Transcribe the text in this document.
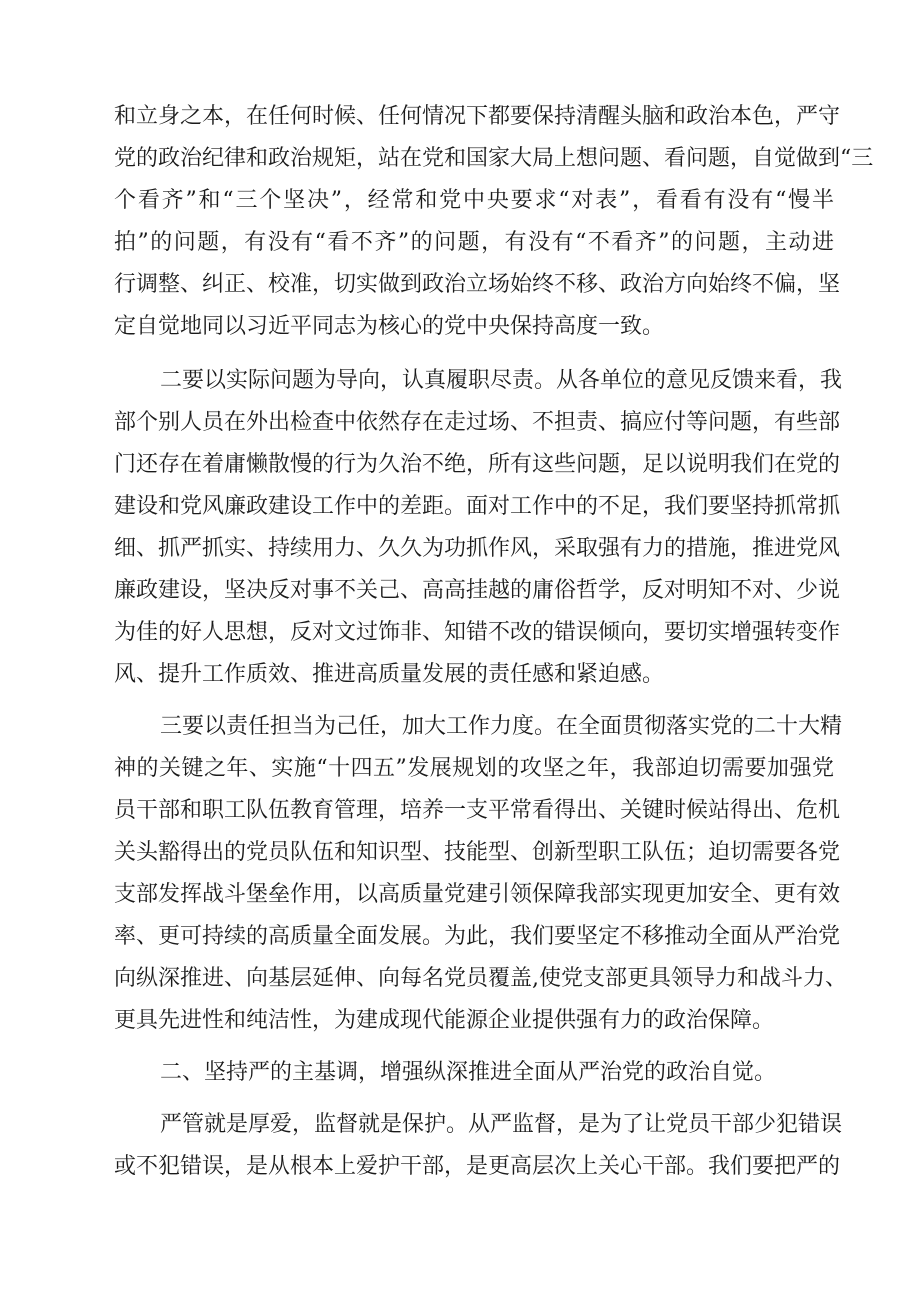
和立身之本，在任何时候、任何情况下都要保持清醒头脑和政治本色，严守
党的政治纪律和政治规矩，站在党和国家大局上想问题、看问题，自觉做到“三
个看齐”和“三个坚决”，经常和党中央要求“对表”，看看有没有“慢半
拍”的问题，有没有“看不齐”的问题，有没有“不看齐”的问题，主动进
行调整、纠正、校准，切实做到政治立场始终不移、政治方向始终不偏，坚
定自觉地同以习近平同志为核心的党中央保持高度一致。
二要以实际问题为导向，认真履职尽责。从各单位的意见反馈来看，我
部个别人员在外出检查中依然存在走过场、不担责、搞应付等问题，有些部
门还存在着庸懒散慢的行为久治不绝，所有这些问题，足以说明我们在党的
建设和党风廉政建设工作中的差距。面对工作中的不足，我们要坚持抓常抓
细、抓严抓实、持续用力、久久为功抓作风，采取强有力的措施，推进党风
廉政建设，坚决反对事不关己、高高挂越的庸俗哲学，反对明知不对、少说
为佳的好人思想，反对文过饰非、知错不改的错误倾向，要切实增强转变作
风、提升工作质效、推进高质量发展的责任感和紧迫感。
三要以责任担当为己任，加大工作力度。在全面贯彻落实党的二十大精
神的关键之年、实施“十四五”发展规划的攻坚之年，我部迫切需要加强党
员干部和职工队伍教育管理，培养一支平常看得出、关键时候站得出、危机
关头豁得出的党员队伍和知识型、技能型、创新型职工队伍；迫切需要各党
支部发挥战斗堡垒作用，以高质量党建引领保障我部实现更加安全、更有效
率、更可持续的高质量全面发展。为此，我们要坚定不移推动全面从严治党
向纵深推进、向基层延伸、向每名党员覆盖,使党支部更具领导力和战斗力、
更具先进性和纯洁性，为建成现代能源企业提供强有力的政治保障。
二、坚持严的主基调，增强纵深推进全面从严治党的政治自觉。
严管就是厚爱，监督就是保护。从严监督，是为了让党员干部少犯错误
或不犯错误，是从根本上爱护干部，是更高层次上关心干部。我们要把严的
